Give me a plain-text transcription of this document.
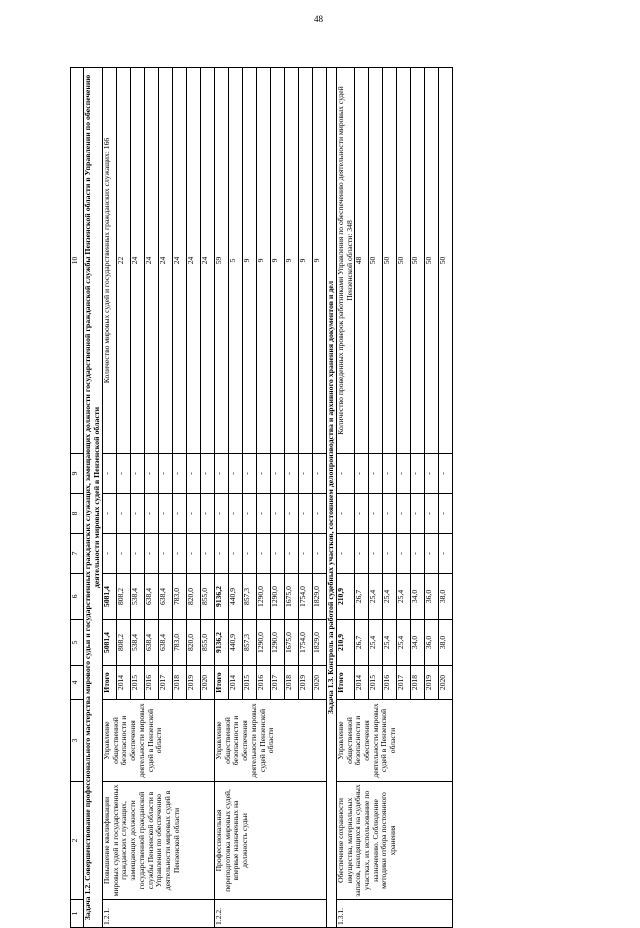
48
1	2	3	4	5	6	7	8	9	10
Задача 1.2. Совершенствование профессионального мастерства мирового судьи и государственных гражданских служащих, замещающих должности государственной гражданской службы Пензенской области в Управлении по обеспечению деятельности мировых судей в Пензенской области									
1.2.1.	Повышение квалификации мировых судей и государственных гражданских служащих, замещающих должности государственной гражданской службы Пензенской области в Управлении по обеспечению деятельности мировых судей в Пензенской области	Управление общественной безопасности и обеспечения деятельности мировых судей в Пензенской области	Итого	5081,4	5081,4	-	-	-	Количество мировых судей и государственных гражданских служащих: 166
			2014	808,2	808,2	-	-	-	22
			2015	538,4	538,4	-	-	-	24
			2016	638,4	638,4	-	-	-	24
			2017	638,4	638,4	-	-	-	24
			2018	783,0	783,0	-	-	-	24
			2019	820,0	820,0	-	-	-	24
			2020	855,0	855,0	-	-	-	24
1.2.2.	Профессиональная переподготовка мировых судей, впервые назначенных на должность судьи	Управление общественной безопасности и обеспечения деятельности мировых судей в Пензенской области	Итого	9136,2	9136,2	-	-	-	59
			2014	440,9	440,9	-	-	-	5
			2015	857,3	857,3	-	-	-	9
			2016	1290,0	1290,0	-	-	-	9
			2017	1290,0	1290,0	-	-	-	9
			2018	1675,0	1675,0	-	-	-	9
			2019	1754,0	1754,0	-	-	-	9
			2020	1829,0	1829,0	-	-	-	9
Задача 1.3. Контроль за работой судебных участков, состоянием делопроизводства и архивного хранения документов и дел									
1.3.1.	Обеспечение сохранности имущества, материальных запасов, находящихся на судебных участках, их использование по назначению. Соблюдение методики отбора постоянного хранения	Управление общественной безопасности и обеспечения деятельности мировых судей в Пензенской области	Итого	210,9	210,9	-	-	-	Количество проведенных проверок работниками Управления по обеспечению деятельности мировых судей Пензенской области: 348
			2014	26,7	26,7	-	-	-	48
			2015	25,4	25,4	-	-	-	50
			2016	25,4	25,4	-	-	-	50
			2017	25,4	25,4	-	-	-	50
			2018	34,0	34,0	-	-	-	50
			2019	36,0	36,0	-	-	-	50
			2020	38,0	38,0	-	-	-	50
